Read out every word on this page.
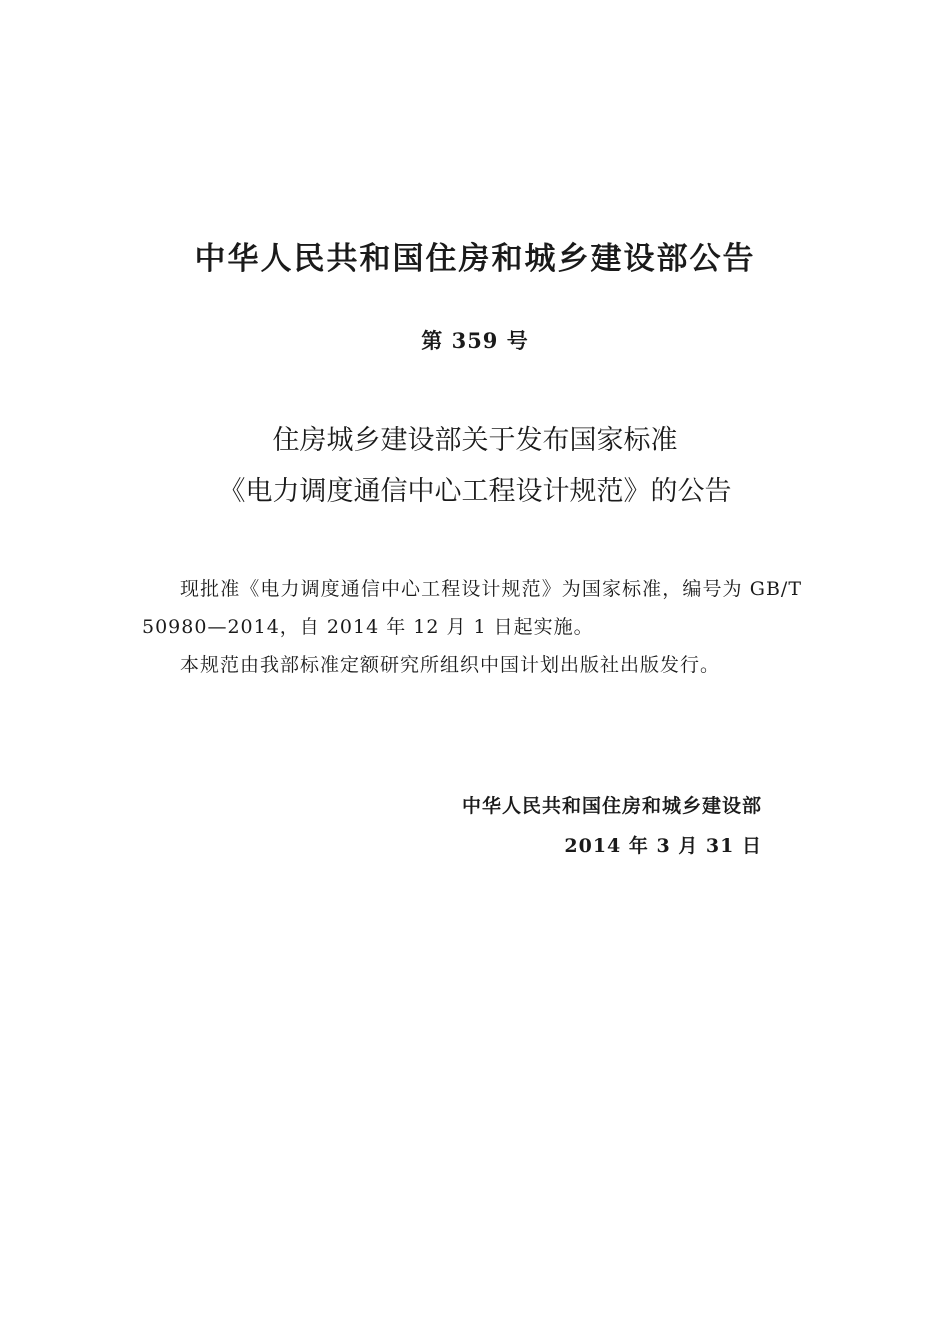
中华人民共和国住房和城乡建设部公告
第 359 号
住房城乡建设部关于发布国家标准
《电力调度通信中心工程设计规范》的公告

现批准《电力调度通信中心工程设计规范》为国家标准，编号为 GB/T 50980—2014，自 2014 年 12 月 1 日起实施。

本规范由我部标准定额研究所组织中国计划出版社出版发行。

中华人民共和国住房和城乡建设部
2014 年 3 月 31 日
